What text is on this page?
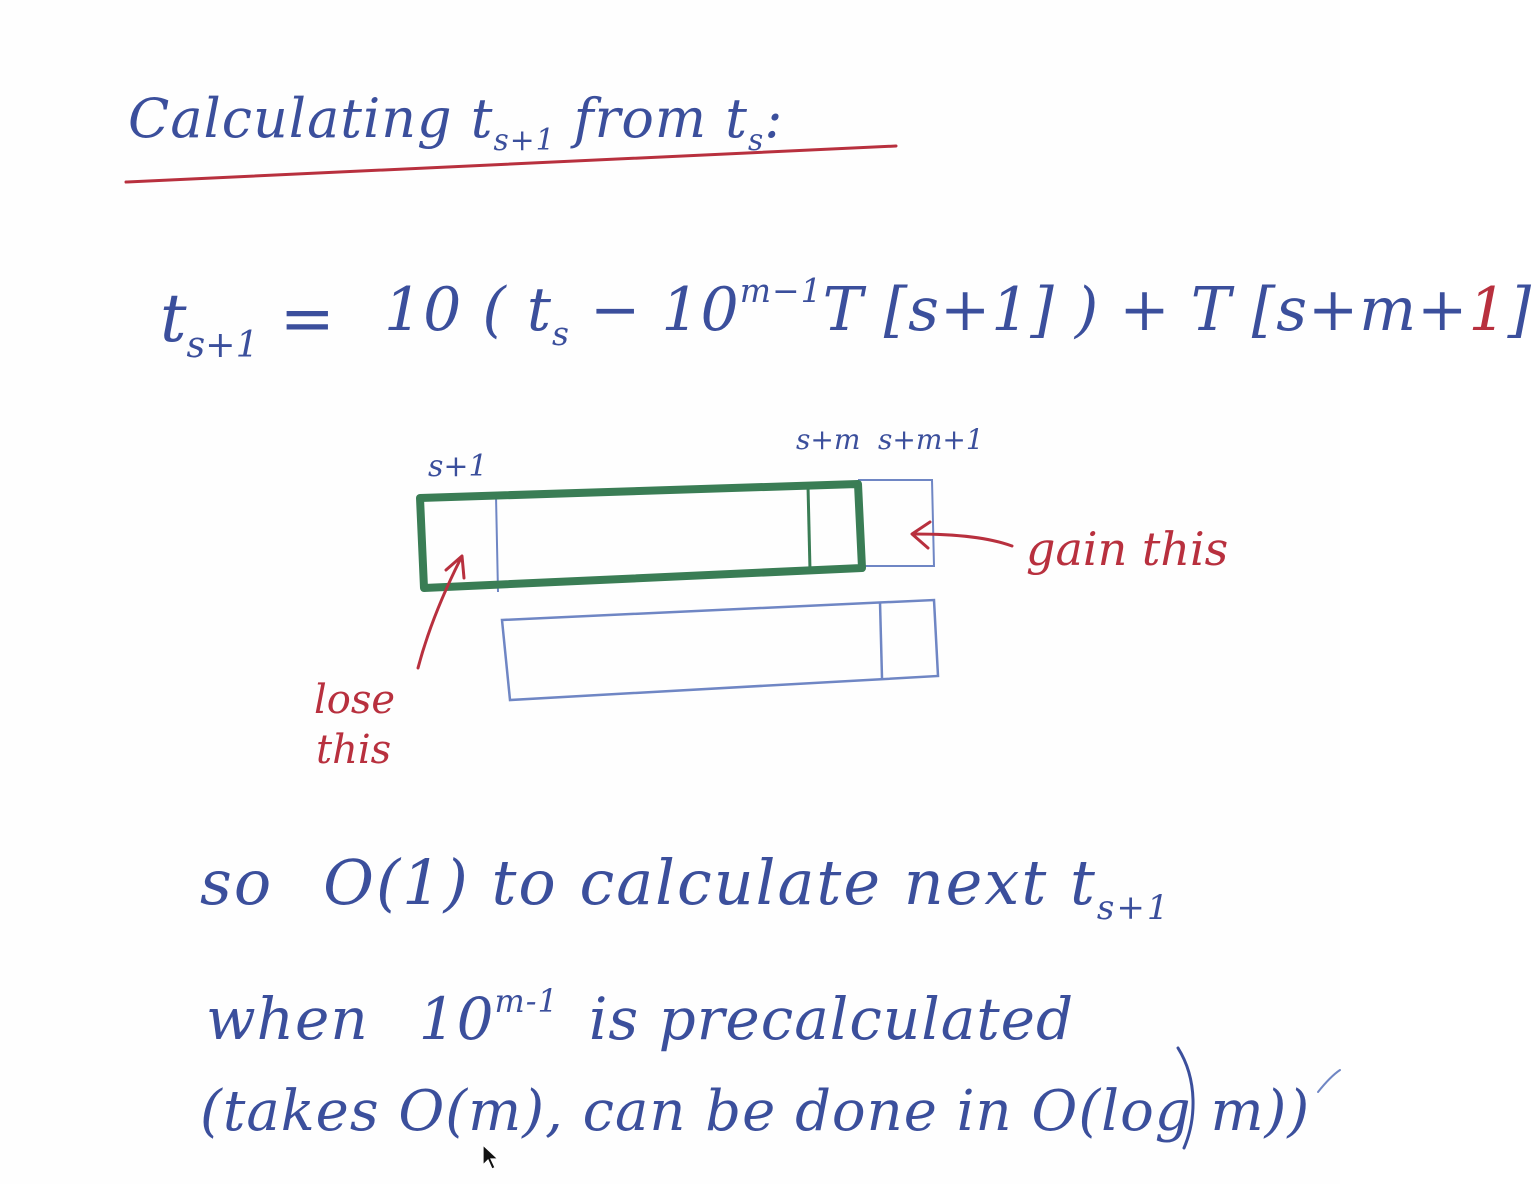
Calculating $t_{s+1}$ from $t_s$:
$t_{s+1} = 10$ ( $t_s - 10^{m-1}T$ [s+1] ) + T [s+m+1]
s+1
s+m s+m+1
gain this
lose
this
so O(1) to calculate next $t_{s+1}$
when 10$^{m-1}$ is precalculated
(takes O(m), can be done in O(log m))
